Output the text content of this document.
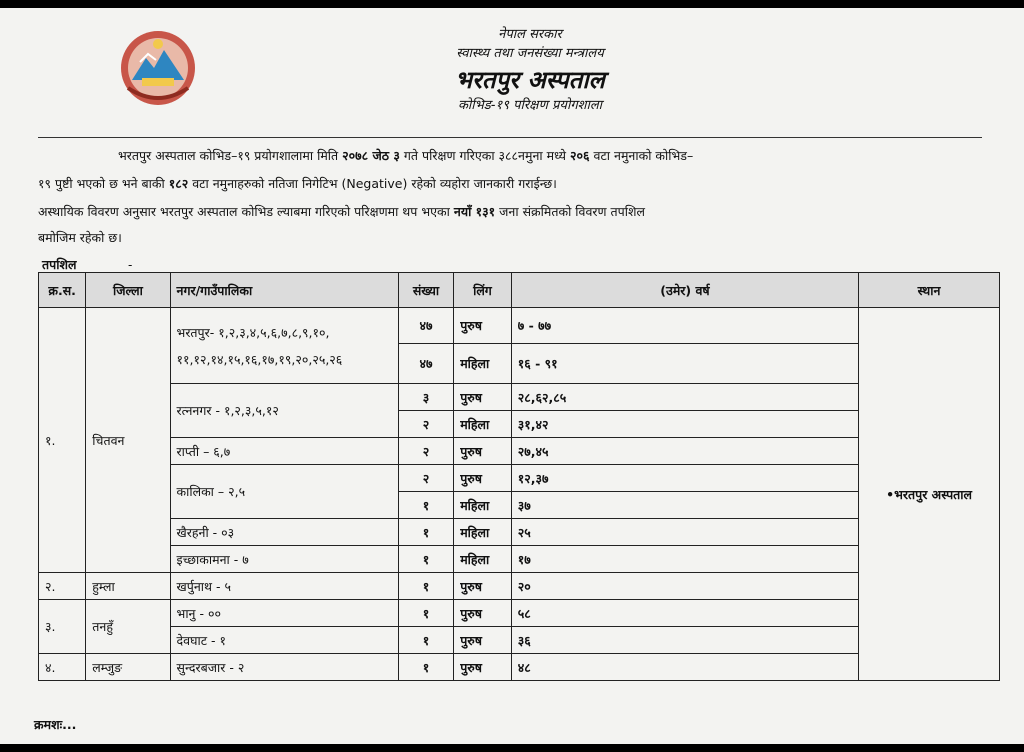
नेपाल सरकार
स्वास्थ्य तथा जनसंख्या मन्त्रालय
भरतपुर अस्पताल
कोभिड-१९ परिक्षण प्रयोगशाला
भरतपुर अस्पताल कोभिड–१९ प्रयोगशालामा मिति २०७८ जेठ ३ गते परिक्षण गरिएका ३८८नमुना मध्ये २०६ वटा नमुनाको कोभिड–
१९ पुष्टी भएको छ भने बाकी १८२ वटा नमुनाहरुको नतिजा निगेटिभ (Negative) रहेको व्यहोरा जानकारी गराईन्छ।
अस्थायिक विवरण अनुसार भरतपुर अस्पताल कोभिड ल्याबमा गरिएको परिक्षणमा थप भएका नयाँ १३१ जना संक्रमितको विवरण तपशिल
बमोजिम रहेको छ।
तपशिल	-
क्र.स.	जिल्ला	नगर/गाउँपालिका	संख्या	लिंग	(उमेर) वर्ष	स्थान
१.	चितवन	भरतपुर- १,२,३,४,५,६,७,८,९,१०,
११,१२,१४,१५,१६,१७,१९,२०,२५,२६	४७	पुरुष	७ - ७७	•भरतपुर अस्पताल
			४७	महिला	१६ - ९१	

		रत्ननगर - १,२,३,५,१२	३	पुरुष	२८,६२,८५	
			२	महिला	३१,४२	

		राप्ती – ६,७	२	पुरुष	२७,४५	

		कालिका – २,५	२	पुरुष	१२,३७	
			१	महिला	३७	

		खैरहनी - ०३	१	महिला	२५	

		इच्छाकामना - ७	१	महिला	१७	
२.	हुम्ला	खर्पुनाथ - ५	१	पुरुष	२०	
३.	तनहुँ	भानु - ००	१	पुरुष	५८	

		देवघाट - १	१	पुरुष	३६	
४.	लम्जुङ	सुन्दरबजार - २	१	पुरुष	४८	
क्रमशः...
